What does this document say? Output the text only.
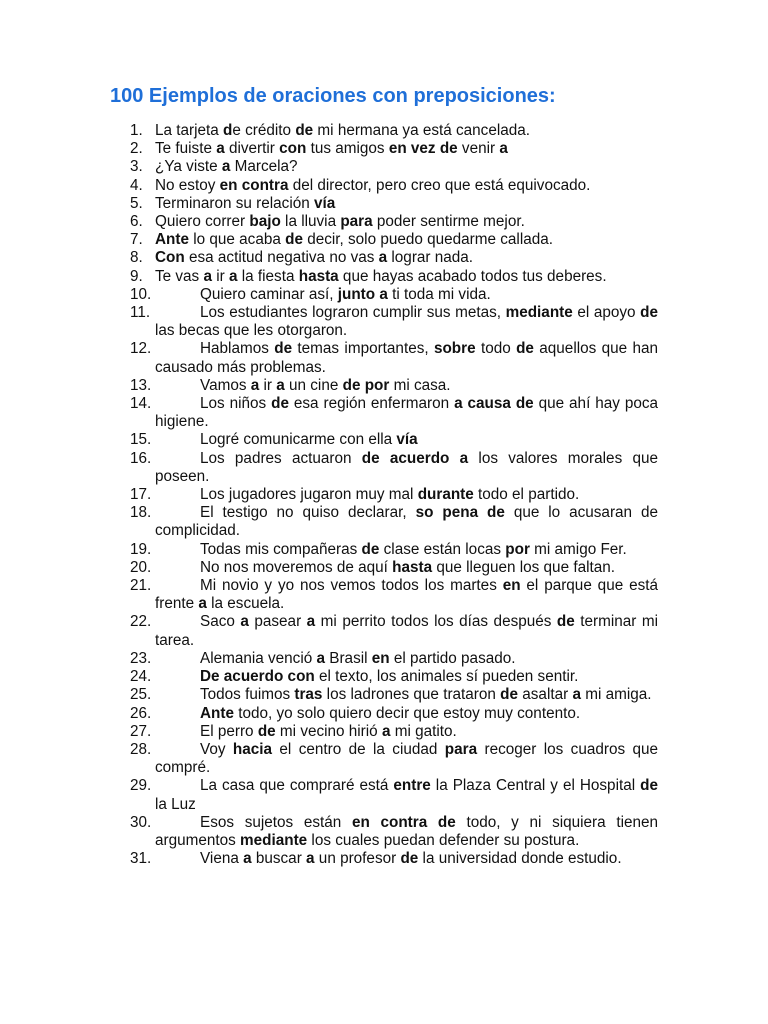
100 Ejemplos de oraciones con preposiciones:
1. La tarjeta de crédito de mi hermana ya está cancelada.
2. Te fuiste a divertir con tus amigos en vez de venir a
3. ¿Ya viste a Marcela?
4. No estoy en contra del director, pero creo que está equivocado.
5. Terminaron su relación vía
6. Quiero correr bajo la lluvia para poder sentirme mejor.
7. Ante lo que acaba de decir, solo puedo quedarme callada.
8. Con esa actitud negativa no vas a lograr nada.
9. Te vas a ir a la fiesta hasta que hayas acabado todos tus deberes.
10.	Quiero caminar así, junto a ti toda mi vida.
11.	Los estudiantes lograron cumplir sus metas, mediante el apoyo de las becas que les otorgaron.
12.	Hablamos de temas importantes, sobre todo de aquellos que han causado más problemas.
13.	Vamos a ir a un cine de por mi casa.
14.	Los niños de esa región enfermaron a causa de que ahí hay poca higiene.
15.	Logré comunicarme con ella vía
16.	Los padres actuaron de acuerdo a los valores morales que poseen.
17.	Los jugadores jugaron muy mal durante todo el partido.
18.	El testigo no quiso declarar, so pena de que lo acusaran de complicidad.
19.	Todas mis compañeras de clase están locas por mi amigo Fer.
20.	No nos moveremos de aquí hasta que lleguen los que faltan.
21.	Mi novio y yo nos vemos todos los martes en el parque que está frente a la escuela.
22.	Saco a pasear a mi perrito todos los días después de terminar mi tarea.
23.	Alemania venció a Brasil en el partido pasado.
24.	De acuerdo con el texto, los animales sí pueden sentir.
25.	Todos fuimos tras los ladrones que trataron de asaltar a mi amiga.
26.	Ante todo, yo solo quiero decir que estoy muy contento.
27.	El perro de mi vecino hirió a mi gatito.
28.	Voy hacia el centro de la ciudad para recoger los cuadros que compré.
29.	La casa que compraré está entre la Plaza Central y el Hospital de la Luz
30.	Esos sujetos están en contra de todo, y ni siquiera tienen argumentos mediante los cuales puedan defender su postura.
31.	Viena a buscar a un profesor de la universidad donde estudio.
